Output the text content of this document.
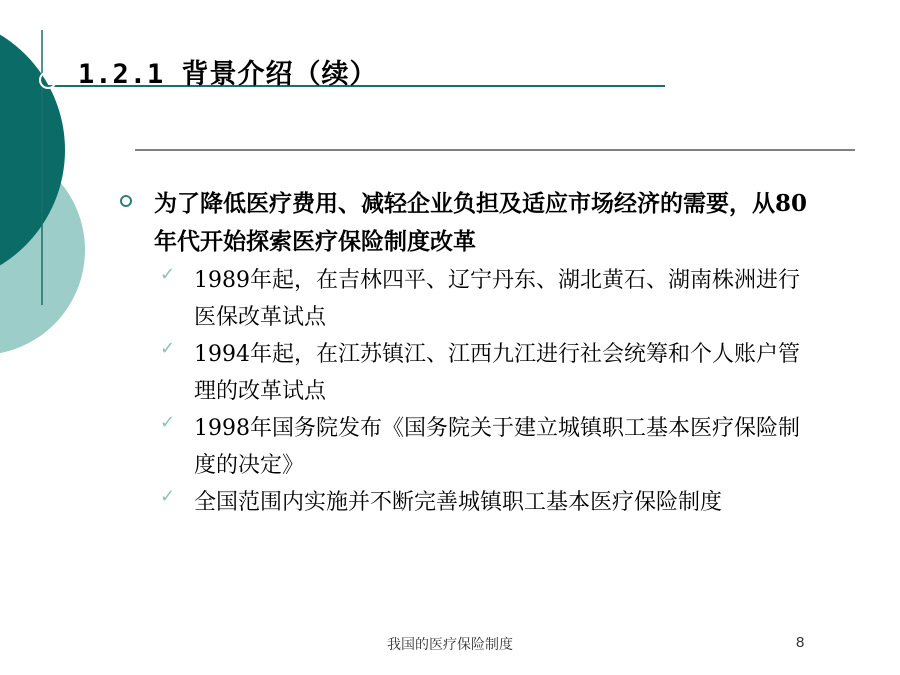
1.2.1 背景介绍（续）
为了降低医疗费用、减轻企业负担及适应市场经济的需要，从80年代开始探索医疗保险制度改革
✓ 1989年起，在吉林四平、辽宁丹东、湖北黄石、湖南株洲进行医保改革试点
✓ 1994年起，在江苏镇江、江西九江进行社会统筹和个人账户管理的改革试点
✓ 1998年国务院发布《国务院关于建立城镇职工基本医疗保险制度的决定》
✓ 全国范围内实施并不断完善城镇职工基本医疗保险制度
我国的医疗保险制度	8
